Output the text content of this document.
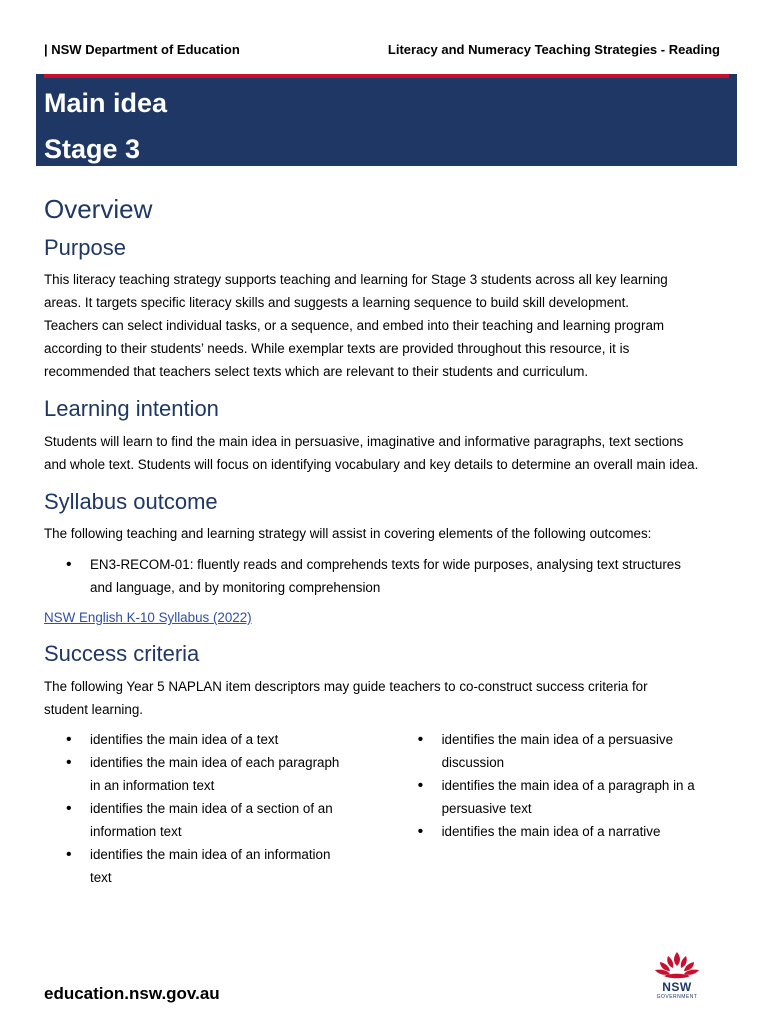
| NSW Department of Education	Literacy and Numeracy Teaching Strategies - Reading
Main idea
Stage 3
Overview
Purpose

This literacy teaching strategy supports teaching and learning for Stage 3 students across all key learning

areas. It targets specific literacy skills and suggests a learning sequence to build skill development.

Teachers can select individual tasks, or a sequence, and embed into their teaching and learning program

according to their students’ needs. While exemplar texts are provided throughout this resource, it is

recommended that teachers select texts which are relevant to their students and curriculum.

Learning intention

Students will learn to find the main idea in persuasive, imaginative and informative paragraphs, text sections

and whole text. Students will focus on identifying vocabulary and key details to determine an overall main idea.

Syllabus outcome

The following teaching and learning strategy will assist in covering elements of the following outcomes:

• EN3-RECOM-01: fluently reads and comprehends texts for wide purposes, analysing text structures
and language, and by monitoring comprehension
NSW English K-10 Syllabus (2022)
Success criteria

The following Year 5 NAPLAN item descriptors may guide teachers to co-construct success criteria for

student learning.

• identifies the main idea of a text
• identifies the main idea of each paragraph
in an information text
• identifies the main idea of a section of an
information text
• identifies the main idea of an information
text
• identifies the main idea of a persuasive
discussion
• identifies the main idea of a paragraph in a
persuasive text
• identifies the main idea of a narrative
education.nsw.gov.au	NSW
GOVERNMENT
